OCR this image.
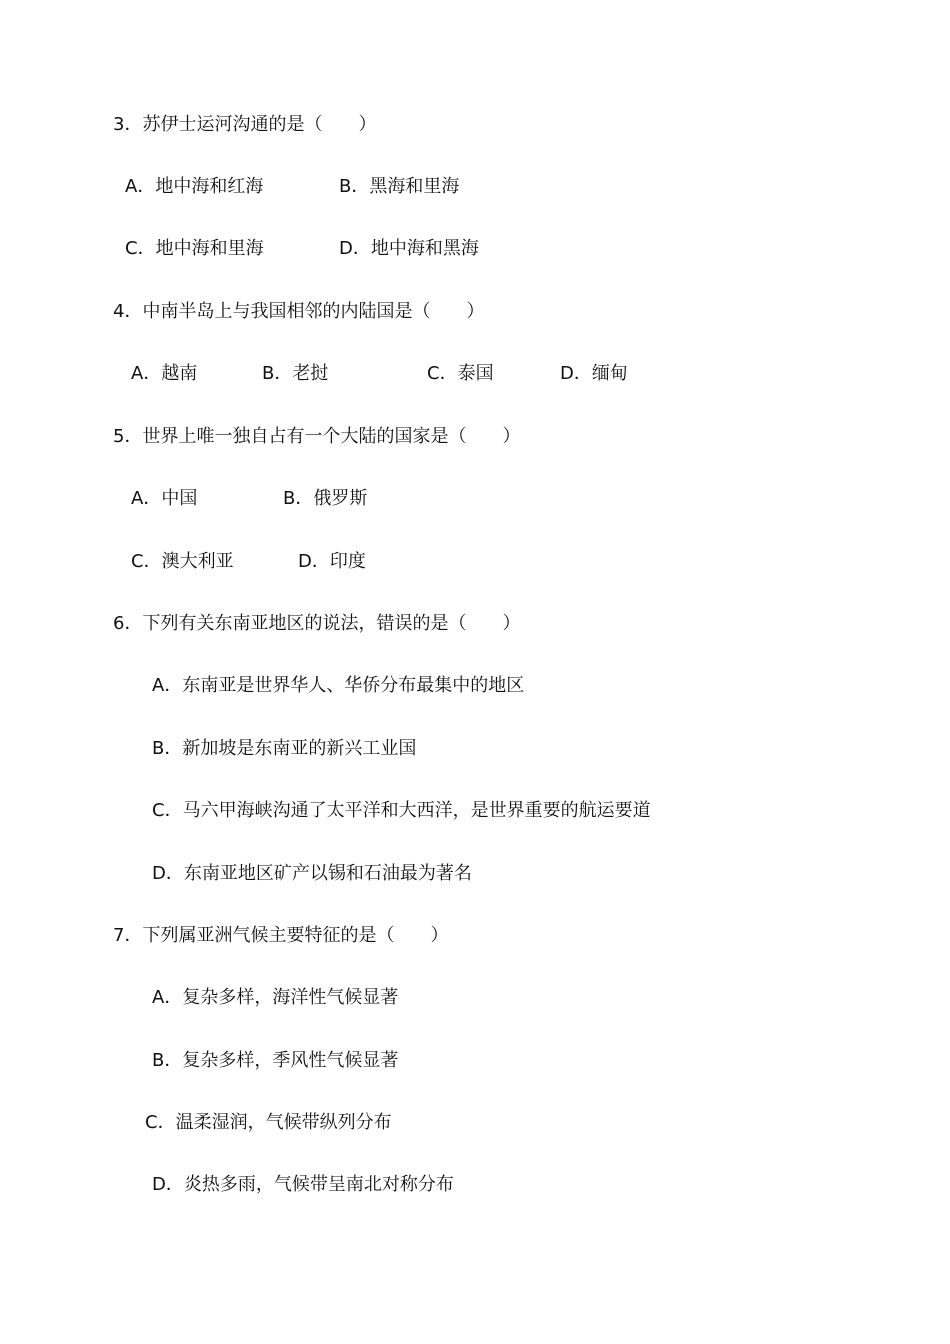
3．苏伊士运河沟通的是（　　）
A．地中海和红海	B．黑海和里海
C．地中海和里海	D．地中海和黑海
4．中南半岛上与我国相邻的内陆国是（　　）
A．越南	B．老挝	C．泰国	D．缅甸
5．世界上唯一独自占有一个大陆的国家是（　　）
A．中国	B．俄罗斯
C．澳大利亚	D．印度
6．下列有关东南亚地区的说法，错误的是（　　）
A．东南亚是世界华人、华侨分布最集中的地区
B．新加坡是东南亚的新兴工业国
C．马六甲海峡沟通了太平洋和大西洋，是世界重要的航运要道
D．东南亚地区矿产以锡和石油最为著名
7．下列属亚洲气候主要特征的是（　　）
A．复杂多样，海洋性气候显著
B．复杂多样，季风性气候显著
C．温柔湿润，气候带纵列分布
D．炎热多雨，气候带呈南北对称分布
